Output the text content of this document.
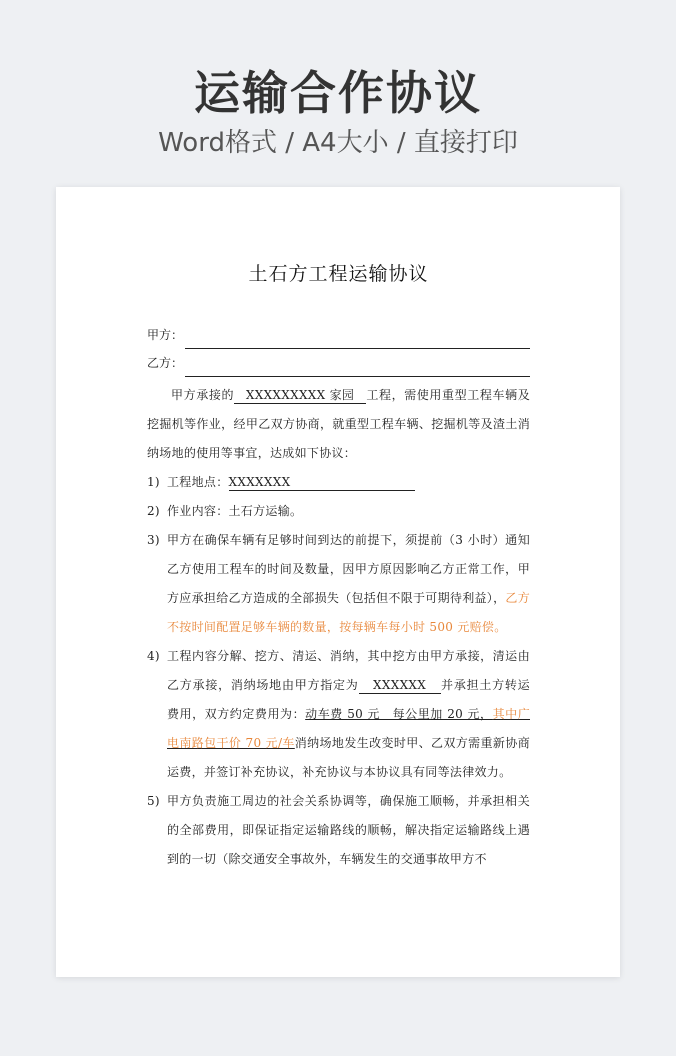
运输合作协议
Word格式 / A4大小 / 直接打印
土石方工程运输协议
甲方：
乙方：
甲方承接的 XXXXXXXXX 家园 工程，需使用重型工程车辆及挖掘机等作业，经甲乙双方协商，就重型工程车辆、挖掘机等及渣土消纳场地的使用等事宜，达成如下协议：
1) 工程地点：XXXXXXX
2) 作业内容：土石方运输。
3) 甲方在确保车辆有足够时间到达的前提下，须提前（3 小时）通知乙方使用工程车的时间及数量，因甲方原因影响乙方正常工作，甲方应承担给乙方造成的全部损失（包括但不限于可期待利益），乙方不按时间配置足够车辆的数量，按每辆车每小时 500 元赔偿。
4) 工程内容分解、挖方、清运、消纳，其中挖方由甲方承接，清运由乙方承接，消纳场地由甲方指定为 XXXXXX 并承担土方转运费用，双方约定费用为：动车费 50 元　每公里加 20 元，其中广电南路包干价 70 元/车消纳场地发生改变时甲、乙双方需重新协商运费，并签订补充协议，补充协议与本协议具有同等法律效力。
5) 甲方负责施工周边的社会关系协调等，确保施工顺畅，并承担相关的全部费用，即保证指定运输路线的顺畅，解决指定运输路线上遇到的一切（除交通安全事故外，车辆发生的交通事故甲方不
